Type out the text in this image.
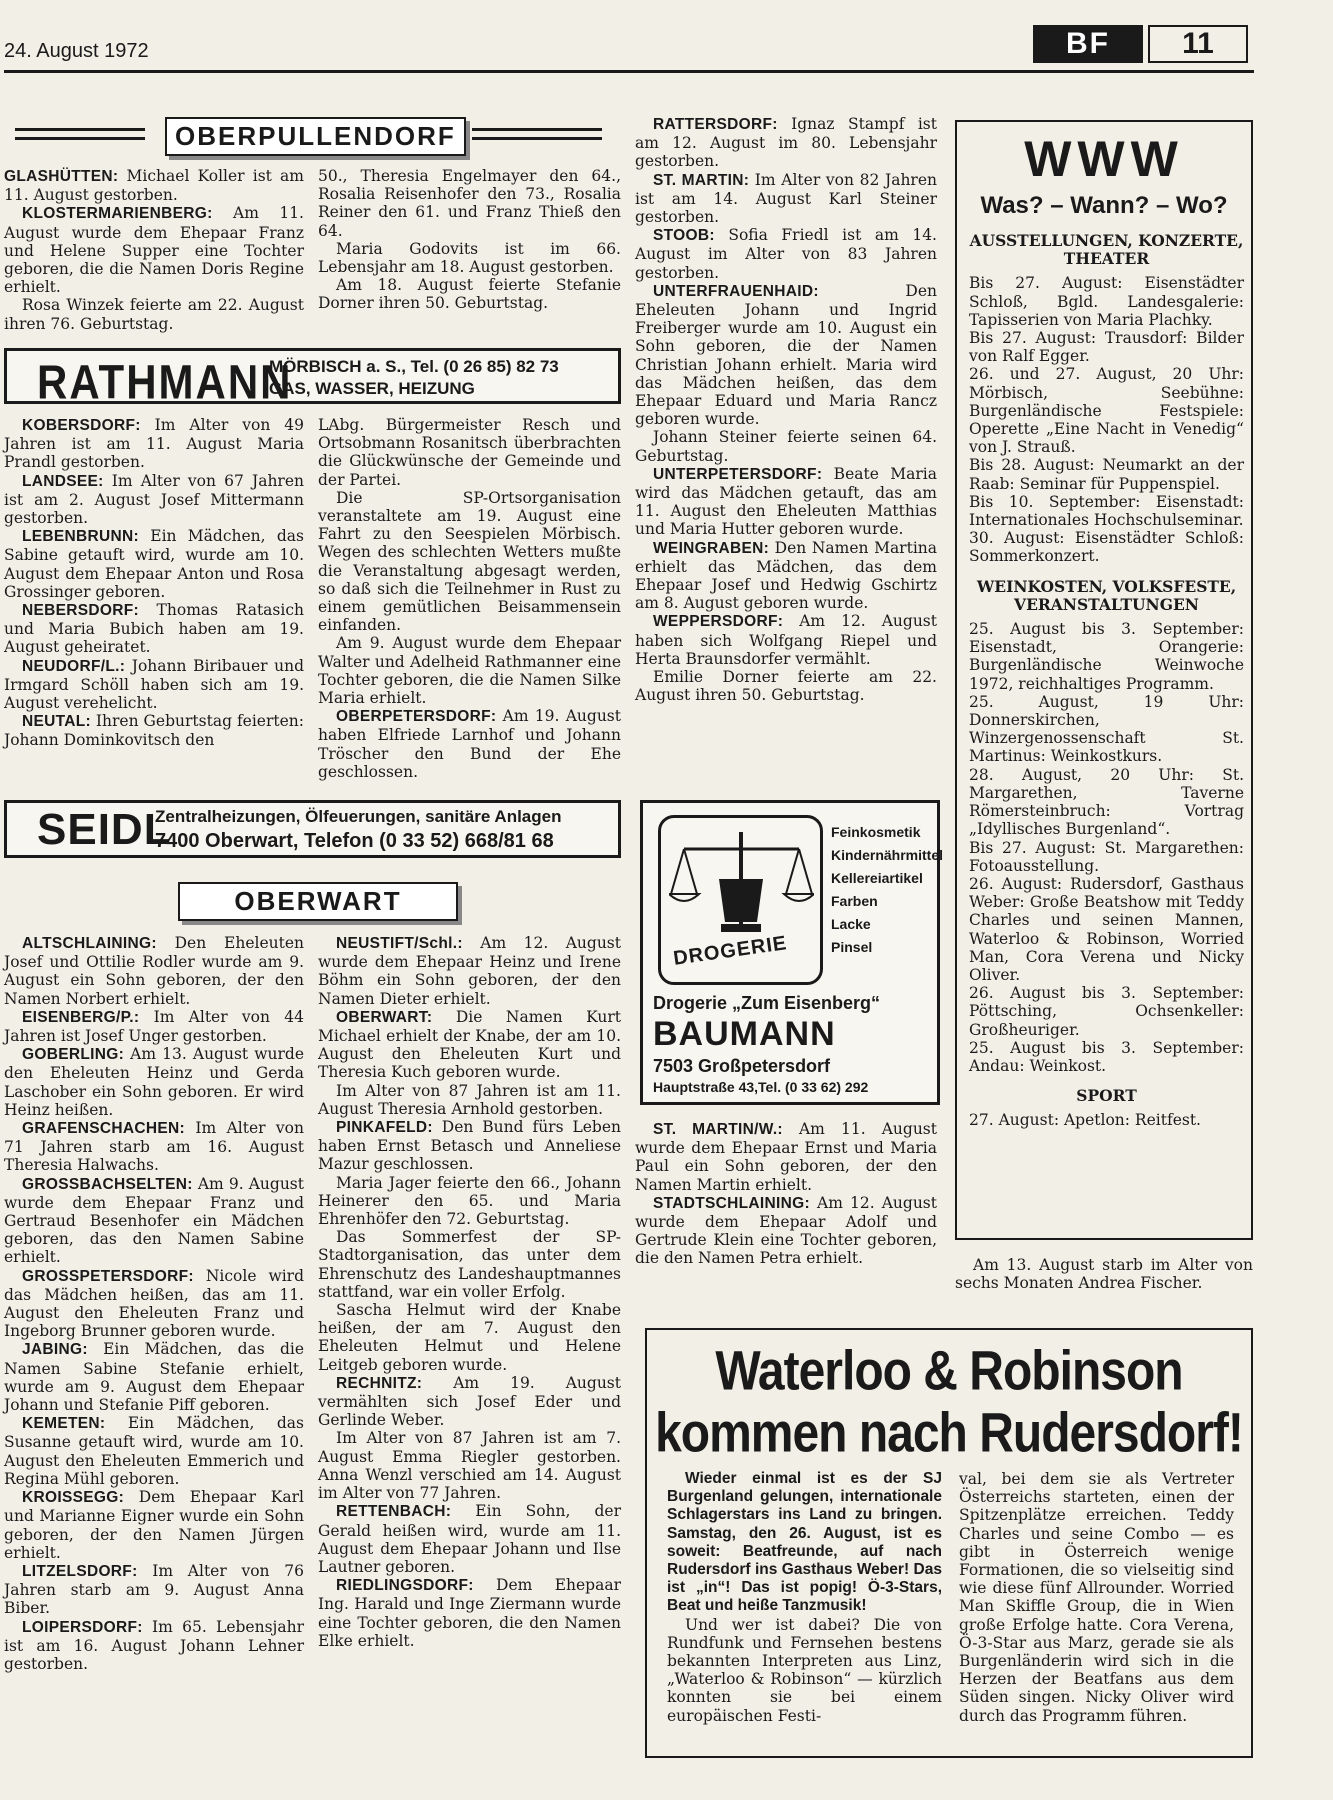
24. August 1972	BF	11
OBERPULLENDORF

GLASHÜTTEN: Michael Koller ist am 11. August gestorben.

KLOSTERMARIENBERG: Am 11. August wurde dem Ehepaar Franz und Helene Supper eine Tochter geboren, die die Namen Doris Regine erhielt.

Rosa Winzek feierte am 22. August ihren 76. Geburtstag.

50., Theresia Engelmayer den 64., Rosalia Reisenhofer den 73., Rosalia Reiner den 61. und Franz Thieß den 64.

Maria Godovits ist im 66. Lebensjahr am 18. August gestorben.

Am 18. August feierte Stefanie Dorner ihren 50. Geburtstag.

RATHMANN
MÖRBISCH a. S., Tel. (0 26 85) 82 73
GAS, WASSER, HEIZUNG

KOBERSDORF: Im Alter von 49 Jahren ist am 11. August Maria Prandl gestorben.

LANDSEE: Im Alter von 67 Jahren ist am 2. August Josef Mittermann gestorben.

LEBENBRUNN: Ein Mädchen, das Sabine getauft wird, wurde am 10. August dem Ehepaar Anton und Rosa Grossinger geboren.

NEBERSDORF: Thomas Ratasich und Maria Bubich haben am 19. August geheiratet.

NEUDORF/L.: Johann Biribauer und Irmgard Schöll haben sich am 19. August verehelicht.

NEUTAL: Ihren Geburtstag feierten: Johann Dominkovitsch den

LAbg. Bürgermeister Resch und Ortsobmann Rosanitsch überbrachten die Glückwünsche der Gemeinde und der Partei.

Die SP-Ortsorganisation veranstaltete am 19. August eine Fahrt zu den Seespielen Mörbisch. Wegen des schlechten Wetters mußte die Veranstaltung abgesagt werden, so daß sich die Teilnehmer in Rust zu einem gemütlichen Beisammensein einfanden.

Am 9. August wurde dem Ehepaar Walter und Adelheid Rathmanner eine Tochter geboren, die die Namen Silke Maria erhielt.

OBERPETERSDORF: Am 19. August haben Elfriede Larnhof und Johann Tröscher den Bund der Ehe geschlossen.

SEIDL
Zentralheizungen, Ölfeuerungen, sanitäre Anlagen
7400 Oberwart, Telefon (0 33 52) 668/81 68
OBERWART

ALTSCHLAINING: Den Eheleuten Josef und Ottilie Rodler wurde am 9. August ein Sohn geboren, der den Namen Norbert erhielt.

EISENBERG/P.: Im Alter von 44 Jahren ist Josef Unger gestorben.

GOBERLING: Am 13. August wurde den Eheleuten Heinz und Gerda Laschober ein Sohn geboren. Er wird Heinz heißen.

GRAFENSCHACHEN: Im Alter von 71 Jahren starb am 16. August Theresia Halwachs.

GROSSBACHSELTEN: Am 9. August wurde dem Ehepaar Franz und Gertraud Besenhofer ein Mädchen geboren, das den Namen Sabine erhielt.

GROSSPETERSDORF: Nicole wird das Mädchen heißen, das am 11. August den Eheleuten Franz und Ingeborg Brunner geboren wurde.

JABING: Ein Mädchen, das die Namen Sabine Stefanie erhielt, wurde am 9. August dem Ehepaar Johann und Stefanie Piff geboren.

KEMETEN: Ein Mädchen, das Susanne getauft wird, wurde am 10. August den Eheleuten Emmerich und Regina Mühl geboren.

KROISSEGG: Dem Ehepaar Karl und Marianne Eigner wurde ein Sohn geboren, der den Namen Jürgen erhielt.

LITZELSDORF: Im Alter von 76 Jahren starb am 9. August Anna Biber.

LOIPERSDORF: Im 65. Lebensjahr ist am 16. August Johann Lehner gestorben.

NEUSTIFT/Schl.: Am 12. August wurde dem Ehepaar Heinz und Irene Böhm ein Sohn geboren, der den Namen Dieter erhielt.

OBERWART: Die Namen Kurt Michael erhielt der Knabe, der am 10. August den Eheleuten Kurt und Theresia Kuch geboren wurde.

Im Alter von 87 Jahren ist am 11. August Theresia Arnhold gestorben.

PINKAFELD: Den Bund fürs Leben haben Ernst Betasch und Anneliese Mazur geschlossen.

Maria Jager feierte den 66., Johann Heinerer den 65. und Maria Ehrenhöfer den 72. Geburtstag.

Das Sommerfest der SP-Stadtorganisation, das unter dem Ehrenschutz des Landeshauptmannes stattfand, war ein voller Erfolg.

Sascha Helmut wird der Knabe heißen, der am 7. August den Eheleuten Helmut und Helene Leitgeb geboren wurde.

RECHNITZ: Am 19. August vermählten sich Josef Eder und Gerlinde Weber.

Im Alter von 87 Jahren ist am 7. August Emma Riegler gestorben. Anna Wenzl verschied am 14. August im Alter von 77 Jahren.

RETTENBACH: Ein Sohn, der Gerald heißen wird, wurde am 11. August dem Ehepaar Johann und Ilse Lautner geboren.

RIEDLINGSDORF: Dem Ehepaar Ing. Harald und Inge Ziermann wurde eine Tochter geboren, die den Namen Elke erhielt.

RATTERSDORF: Ignaz Stampf ist am 12. August im 80. Lebensjahr gestorben.

ST. MARTIN: Im Alter von 82 Jahren ist am 14. August Karl Steiner gestorben.

STOOB: Sofia Friedl ist am 14. August im Alter von 83 Jahren gestorben.

UNTERFRAUENHAID: Den Eheleuten Johann und Ingrid Freiberger wurde am 10. August ein Sohn geboren, die der Namen Christian Johann erhielt. Maria wird das Mädchen heißen, das dem Ehepaar Eduard und Maria Rancz geboren wurde.

Johann Steiner feierte seinen 64. Geburtstag.

UNTERPETERSDORF: Beate Maria wird das Mädchen getauft, das am 11. August den Eheleuten Matthias und Maria Hutter geboren wurde.

WEINGRABEN: Den Namen Martina erhielt das Mädchen, das dem Ehepaar Josef und Hedwig Gschirtz am 8. August geboren wurde.

WEPPERSDORF: Am 12. August haben sich Wolfgang Riepel und Herta Braunsdorfer vermählt.

Emilie Dorner feierte am 22. August ihren 50. Geburtstag.

DROGERIE
Feinkosmetik
Kindernährmittel
Kellereiartikel
Farben
Lacke
Pinsel
Drogerie „Zum Eisenberg“
BAUMANN
7503 Großpetersdorf
Hauptstraße 43,Tel. (0 33 62) 292

ST. MARTIN/W.: Am 11. August wurde dem Ehepaar Ernst und Maria Paul ein Sohn geboren, der den Namen Martin erhielt.

STADTSCHLAINING: Am 12. August wurde dem Ehepaar Adolf und Gertrude Klein eine Tochter geboren, die den Namen Petra erhielt.

WWW
Was? – Wann? – Wo?

AUSSTELLUNGEN, KONZERTE, THEATER

Bis 27. August: Eisenstädter Schloß, Bgld. Landesgalerie: Tapisserien von Maria Plachky.

Bis 27. August: Trausdorf: Bilder von Ralf Egger.

26. und 27. August, 20 Uhr: Mörbisch, Seebühne: Burgenländische Festspiele: Operette „Eine Nacht in Venedig“ von J. Strauß.

Bis 28. August: Neumarkt an der Raab: Seminar für Puppenspiel.

Bis 10. September: Eisenstadt: Internationales Hochschulseminar.

30. August: Eisenstädter Schloß: Sommerkonzert.

WEINKOSTEN, VOLKSFESTE, VERANSTALTUNGEN

25. August bis 3. September: Eisenstadt, Orangerie: Burgenländische Weinwoche 1972, reichhaltiges Programm.

25. August, 19 Uhr: Donnerskirchen, Winzergenossenschaft St. Martinus: Weinkostkurs.

28. August, 20 Uhr: St. Margarethen, Taverne Römersteinbruch: Vortrag „Idyllisches Burgenland“.

Bis 27. August: St. Margarethen: Fotoausstellung.

26. August: Rudersdorf, Gasthaus Weber: Große Beatshow mit Teddy Charles und seinen Mannen, Waterloo & Robinson, Worried Man, Cora Verena und Nicky Oliver.

26. August bis 3. September: Pöttsching, Ochsenkeller: Großheuriger.

25. August bis 3. September: Andau: Weinkost.

SPORT

27. August: Apetlon: Reitfest.

Am 13. August starb im Alter von sechs Monaten Andrea Fischer.

Waterloo & Robinson
kommen nach Rudersdorf!

Wieder einmal ist es der SJ Burgenland gelungen, internationale Schlagerstars ins Land zu bringen. Samstag, den 26. August, ist es soweit: Beatfreunde, auf nach Rudersdorf ins Gasthaus Weber! Das ist „in“! Das ist popig! Ö-3-Stars, Beat und heiße Tanzmusik!

Und wer ist dabei? Die von Rundfunk und Fernsehen bestens bekannten Interpreten aus Linz, „Waterloo & Robinson“ — kürzlich konnten sie bei einem europäischen Festi-

val, bei dem sie als Vertreter Österreichs starteten, einen der Spitzenplätze erreichen. Teddy Charles und seine Combo — es gibt in Österreich wenige Formationen, die so vielseitig sind wie diese fünf Allrounder. Worried Man Skiffle Group, die in Wien große Erfolge hatte. Cora Verena, Ö-3-Star aus Marz, gerade sie als Burgenländerin wird sich in die Herzen der Beatfans aus dem Süden singen. Nicky Oliver wird durch das Programm führen.
